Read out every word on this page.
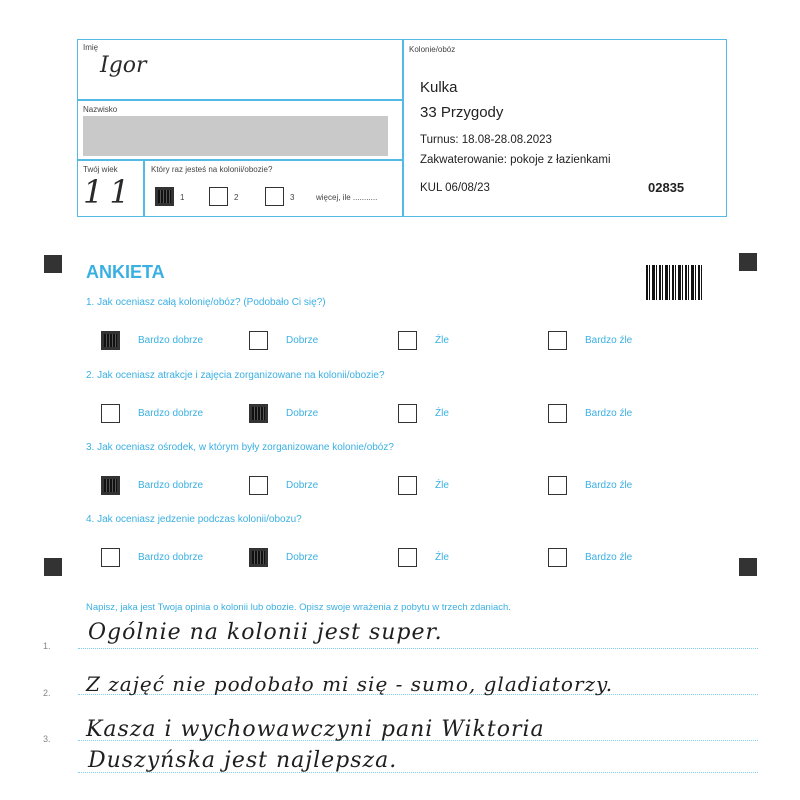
Imię
Igor
Nazwisko
Twój wiek
11
Który raz jesteś na kolonii/obozie?
1	2	3	więcej, ile ...........
Kolonie/obóz
Kulka
33 Przygody
Turnus: 18.08-28.08.2023
Zakwaterowanie: pokoje z łazienkami
KUL 06/08/23	02835
ANKIETA
1. Jak oceniasz całą kolonię/obóz? (Podobało Ci się?)
Bardzo dobrze	Dobrze	Źle	Bardzo źle
2. Jak oceniasz atrakcje i zajęcia zorganizowane na kolonii/obozie?
Bardzo dobrze	Dobrze	Źle	Bardzo źle
3. Jak oceniasz ośrodek, w którym były zorganizowane kolonie/obóz?
Bardzo dobrze	Dobrze	Źle	Bardzo źle
4. Jak oceniasz jedzenie podczas kolonii/obozu?
Bardzo dobrze	Dobrze	Źle	Bardzo źle
Napisz, jaka jest Twoja opinia o kolonii lub obozie. Opisz swoje wrażenia z pobytu w trzech zdaniach.
1.
2.
3.
Ogólnie na kolonii jest super.
Z zajęć nie podobało mi się - sumo, gladiatorzy.
Kasza i wychowawczyni pani Wiktoria
Duszyńska jest najlepsza.
